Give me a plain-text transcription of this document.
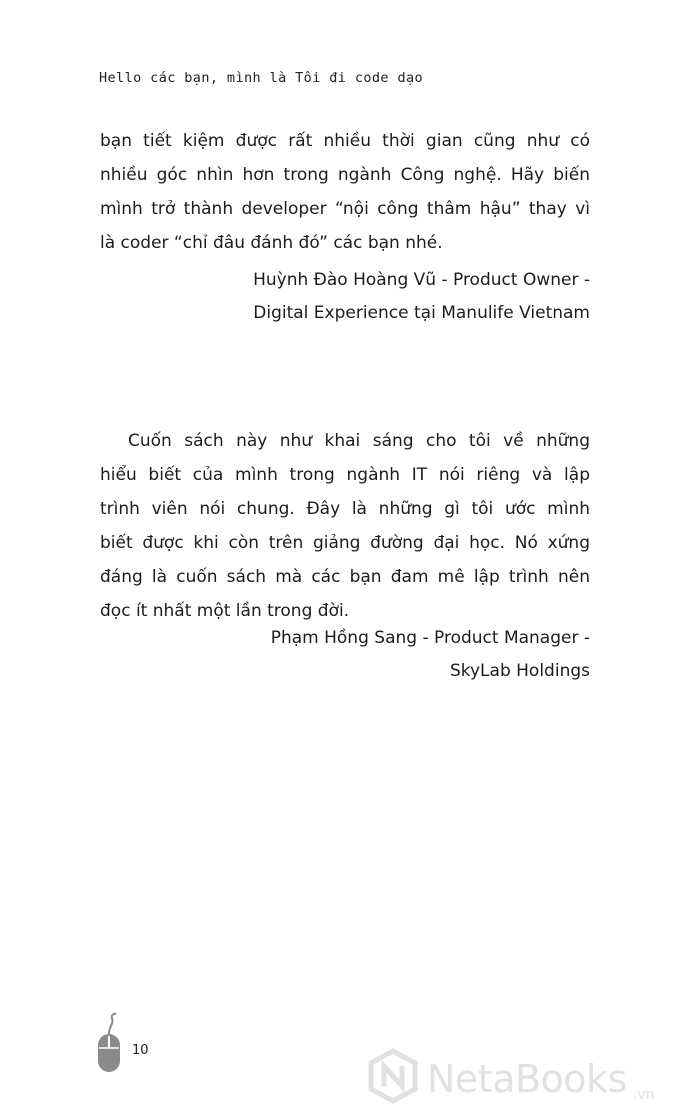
Hello các bạn, mình là Tôi đi code dạo
bạn tiết kiệm được rất nhiều thời gian cũng như có
nhiều góc nhìn hơn trong ngành Công nghệ. Hãy biến
mình trở thành developer “nội công thâm hậu” thay vì
là coder “chỉ đâu đánh đó” các bạn nhé.
Huỳnh Đào Hoàng Vũ - Product Owner -
Digital Experience tại Manulife Vietnam
Cuốn sách này như khai sáng cho tôi về những
hiểu biết của mình trong ngành IT nói riêng và lập
trình viên nói chung. Đây là những gì tôi ước mình
biết được khi còn trên giảng đường đại học. Nó xứng
đáng là cuốn sách mà các bạn đam mê lập trình nên
đọc ít nhất một lần trong đời.
Phạm Hồng Sang - Product Manager -
SkyLab Holdings
10
NetaBooks .vn
